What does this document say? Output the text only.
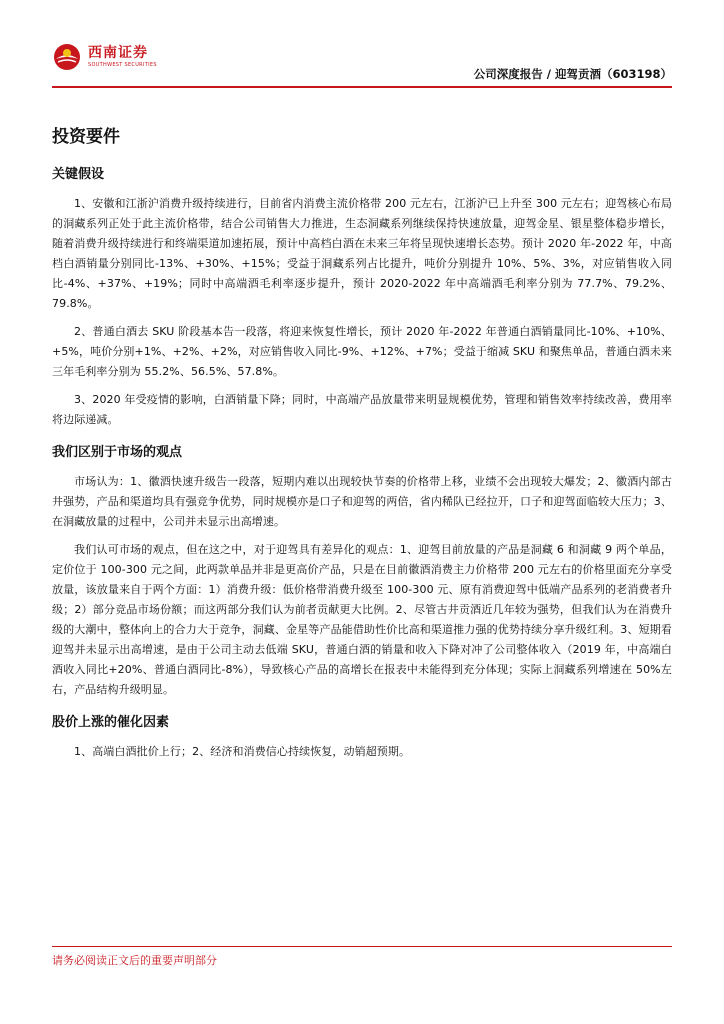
西南证券
SOUTHWEST SECURITIES
公司深度报告 / 迎驾贡酒（603198）
投资要件
关键假设

1、安徽和江浙沪消费升级持续进行，目前省内消费主流价格带 200 元左右，江浙沪已上升至 300 元左右；迎驾核心布局的洞藏系列正处于此主流价格带，结合公司销售大力推进，生态洞藏系列继续保持快速放量，迎驾金星、银星整体稳步增长，随着消费升级持续进行和终端渠道加速拓展，预计中高档白酒在未来三年将呈现快速增长态势。预计 2020 年-2022 年，中高档白酒销量分别同比-13%、+30%、+15%；受益于洞藏系列占比提升，吨价分别提升 10%、5%、3%，对应销售收入同比-4%、+37%、+19%；同时中高端酒毛利率逐步提升，预计 2020-2022 年中高端酒毛利率分别为 77.7%、79.2%、79.8%。

2、普通白酒去 SKU 阶段基本告一段落，将迎来恢复性增长，预计 2020 年-2022 年普通白酒销量同比-10%、+10%、+5%，吨价分别+1%、+2%、+2%，对应销售收入同比-9%、+12%、+7%；受益于缩减 SKU 和聚焦单品，普通白酒未来三年毛利率分别为 55.2%、56.5%、57.8%。

3、2020 年受疫情的影响，白酒销量下降；同时，中高端产品放量带来明显规模优势，管理和销售效率持续改善，费用率将边际递减。

我们区别于市场的观点

市场认为：1、徽酒快速升级告一段落，短期内难以出现较快节奏的价格带上移，业绩不会出现较大爆发；2、徽酒内部古井强势，产品和渠道均具有强竞争优势，同时规模亦是口子和迎驾的两倍，省内稀队已经拉开，口子和迎驾面临较大压力；3、在洞藏放量的过程中，公司并未显示出高增速。

我们认可市场的观点，但在这之中，对于迎驾具有差异化的观点：1、迎驾目前放量的产品是洞藏 6 和洞藏 9 两个单品，定价位于 100-300 元之间，此两款单品并非是更高价产品，只是在目前徽酒消费主力价格带 200 元左右的价格里面充分享受放量，该放量来自于两个方面：1）消费升级：低价格带消费升级至 100-300 元、原有消费迎驾中低端产品系列的老消费者升级；2）部分竞品市场份额；而这两部分我们认为前者贡献更大比例。2、尽管古井贡酒近几年较为强势，但我们认为在消费升级的大潮中，整体向上的合力大于竞争，洞藏、金星等产品能借助性价比高和渠道推力强的优势持续分享升级红利。3、短期看迎驾并未显示出高增速，是由于公司主动去低端 SKU，普通白酒的销量和收入下降对冲了公司整体收入（2019 年，中高端白酒收入同比+20%、普通白酒同比-8%），导致核心产品的高增长在报表中未能得到充分体现；实际上洞藏系列增速在 50%左右，产品结构升级明显。

股价上涨的催化因素

1、高端白酒批价上行；2、经济和消费信心持续恢复，动销超预期。

请务必阅读正文后的重要声明部分
